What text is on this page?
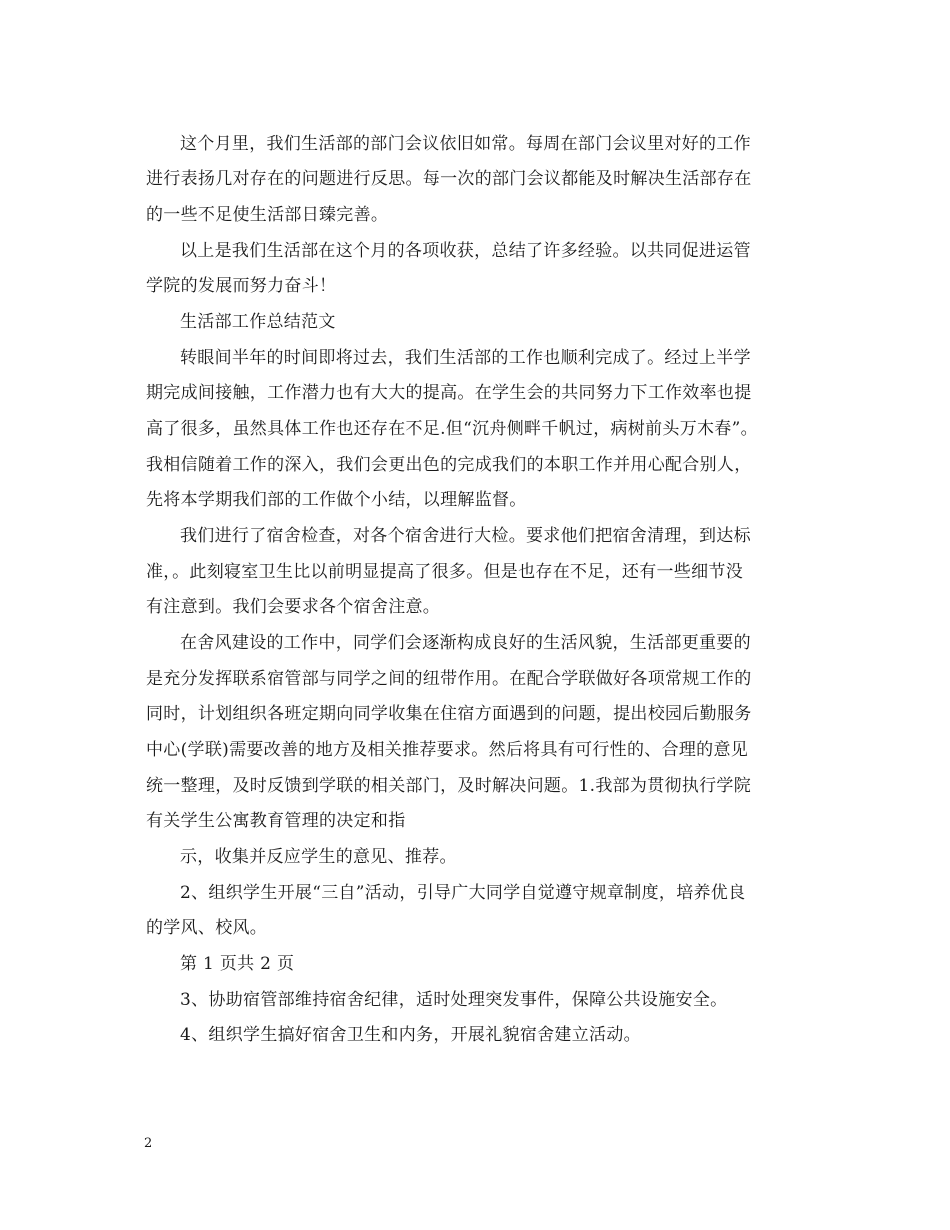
这个月里，我们生活部的部门会议依旧如常。每周在部门会议里对好的工作
进行表扬几对存在的问题进行反思。每一次的部门会议都能及时解决生活部存在
的一些不足使生活部日臻完善。
以上是我们生活部在这个月的各项收获，总结了许多经验。以共同促进运管
学院的发展而努力奋斗！
生活部工作总结范文
转眼间半年的时间即将过去，我们生活部的工作也顺利完成了。经过上半学
期完成间接触，工作潜力也有大大的提高。在学生会的共同努力下工作效率也提
高了很多，虽然具体工作也还存在不足.但“沉舟侧畔千帆过，病树前头万木春”。
我相信随着工作的深入，我们会更出色的完成我们的本职工作并用心配合别人，
先将本学期我们部的工作做个小结，以理解监督。
我们进行了宿舍检查，对各个宿舍进行大检。要求他们把宿舍清理，到达标
准，。此刻寝室卫生比以前明显提高了很多。但是也存在不足，还有一些细节没
有注意到。我们会要求各个宿舍注意。
在舍风建设的工作中，同学们会逐渐构成良好的生活风貌，生活部更重要的
是充分发挥联系宿管部与同学之间的纽带作用。在配合学联做好各项常规工作的
同时，计划组织各班定期向同学收集在住宿方面遇到的问题，提出校园后勤服务
中心(学联)需要改善的地方及相关推荐要求。然后将具有可行性的、合理的意见
统一整理，及时反馈到学联的相关部门，及时解决问题。1.我部为贯彻执行学院
有关学生公寓教育管理的决定和指
示，收集并反应学生的意见、推荐。
2、组织学生开展“三自”活动，引导广大同学自觉遵守规章制度，培养优良
的学风、校风。
第 1 页共 2 页
3、协助宿管部维持宿舍纪律，适时处理突发事件，保障公共设施安全。
4、组织学生搞好宿舍卫生和内务，开展礼貌宿舍建立活动。
2
